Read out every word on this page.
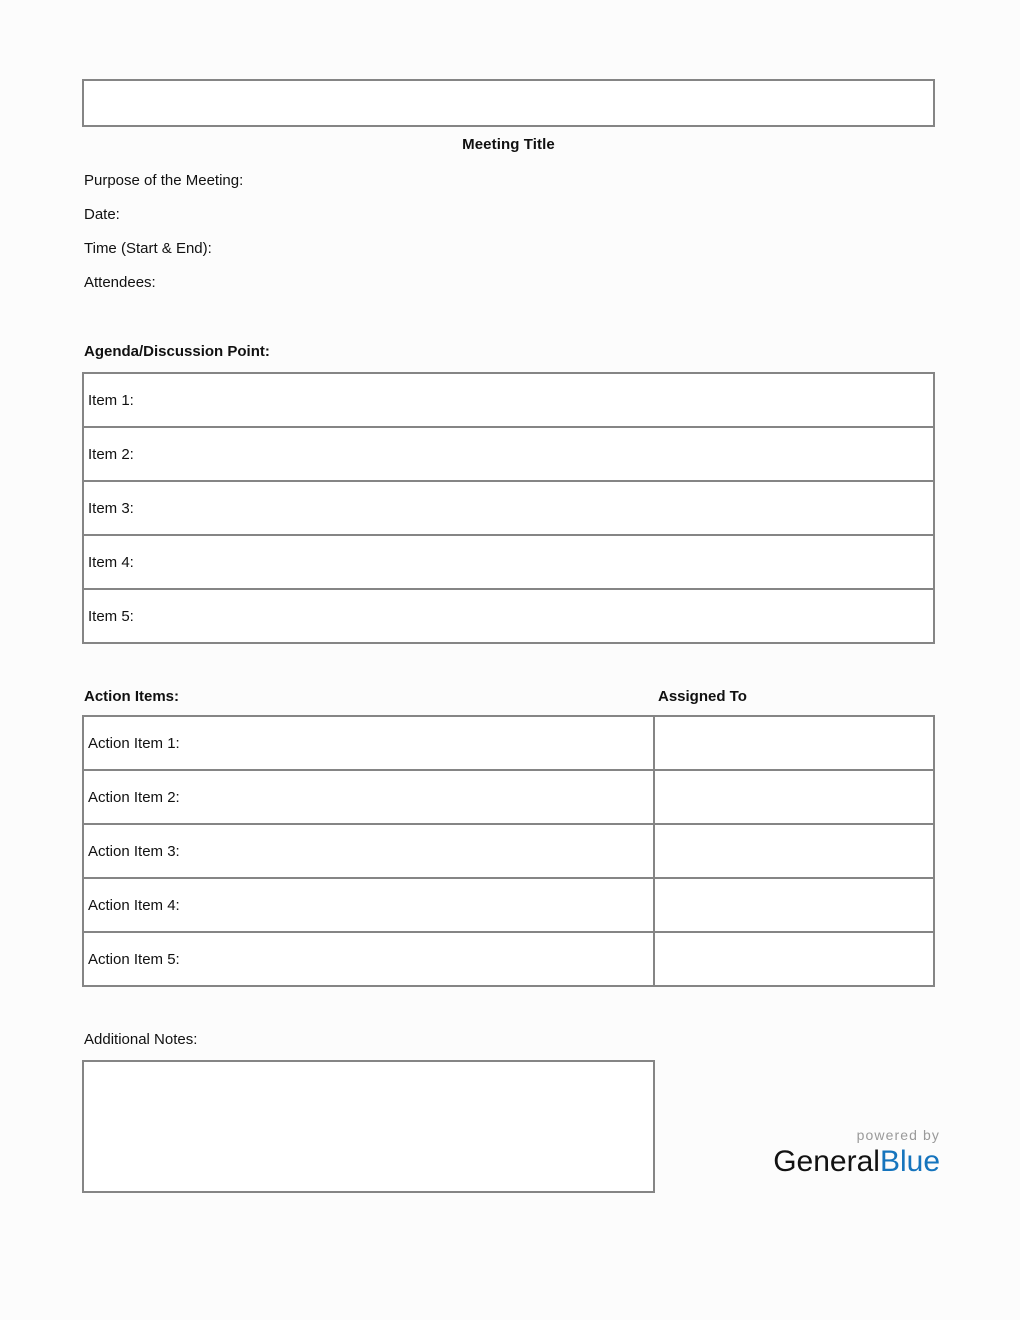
Meeting Title
Purpose of the Meeting:
Date:
Time (Start & End):
Attendees:
Agenda/Discussion Point:
Item 1:
Item 2:
Item 3:
Item 4:
Item 5:
Action Items:	Assigned To
Action Item 1:
Action Item 2:
Action Item 3:
Action Item 4:
Action Item 5:
Additional Notes:
powered by
GeneralBlue
